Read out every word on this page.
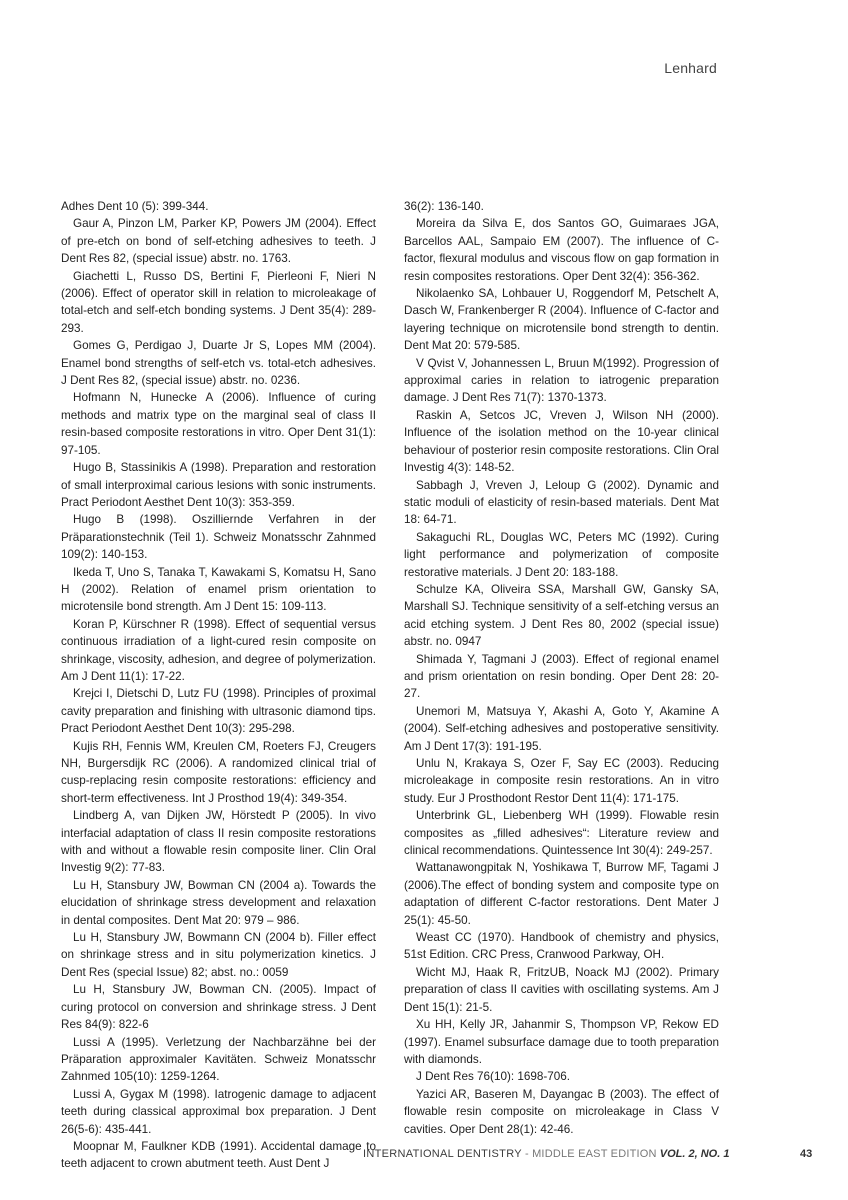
Lenhard

Adhes Dent 10 (5): 399-344.

Gaur A, Pinzon LM, Parker KP, Powers JM (2004). Effect of pre-etch on bond of self-etching adhesives to teeth. J Dent Res 82, (special issue) abstr. no. 1763.

Giachetti L, Russo DS, Bertini F, Pierleoni F, Nieri N (2006). Effect of operator skill in relation to microleakage of total-etch and self-etch bonding systems. J Dent 35(4): 289-293.

Gomes G, Perdigao J, Duarte Jr S, Lopes MM (2004). Enamel bond strengths of self-etch vs. total-etch adhesives. J Dent Res 82, (special issue) abstr. no. 0236.

Hofmann N, Hunecke A (2006). Influence of curing methods and matrix type on the marginal seal of class II resin-based composite restorations in vitro. Oper Dent 31(1): 97-105.

Hugo B, Stassinikis A (1998). Preparation and restoration of small interproximal carious lesions with sonic instruments. Pract Periodont Aesthet Dent 10(3): 353-359.

Hugo B (1998). Oszilliernde Verfahren in der Präparationstechnik (Teil 1). Schweiz Monatsschr Zahnmed 109(2): 140-153.

Ikeda T, Uno S, Tanaka T, Kawakami S, Komatsu H, Sano H (2002). Relation of enamel prism orientation to microtensile bond strength. Am J Dent 15: 109-113.

Koran P, Kürschner R (1998). Effect of sequential versus continuous irradiation of a light-cured resin composite on shrinkage, viscosity, adhesion, and degree of polymerization. Am J Dent 11(1): 17-22.

Krejci I, Dietschi D, Lutz FU (1998). Principles of proximal cavity preparation and finishing with ultrasonic diamond tips. Pract Periodont Aesthet Dent 10(3): 295-298.

Kujis RH, Fennis WM, Kreulen CM, Roeters FJ, Creugers NH, Burgersdijk RC (2006). A randomized clinical trial of cusp-replacing resin composite restorations: efficiency and short-term effectiveness. Int J Prosthod 19(4): 349-354.

Lindberg A, van Dijken JW, Hörstedt P (2005). In vivo interfacial adaptation of class II resin composite restorations with and without a flowable resin composite liner. Clin Oral Investig 9(2): 77-83.

Lu H, Stansbury JW, Bowman CN (2004 a). Towards the elucidation of shrinkage stress development and relaxation in dental composites. Dent Mat 20: 979 – 986.

Lu H, Stansbury JW, Bowmann CN (2004 b). Filler effect on shrinkage stress and in situ polymerization kinetics. J Dent Res (special Issue) 82; abst. no.: 0059

Lu H, Stansbury JW, Bowman CN. (2005). Impact of curing protocol on conversion and shrinkage stress. J Dent Res 84(9): 822-6

Lussi A (1995). Verletzung der Nachbarzähne bei der Präparation approximaler Kavitäten. Schweiz Monatsschr Zahnmed 105(10): 1259-1264.

Lussi A, Gygax M (1998). Iatrogenic damage to adjacent teeth during classical approximal box preparation. J Dent 26(5-6): 435-441.

Moopnar M, Faulkner KDB (1991). Accidental damage to teeth adjacent to crown abutment teeth. Aust Dent J

36(2): 136-140.

Moreira da Silva E, dos Santos GO, Guimaraes JGA, Barcellos AAL, Sampaio EM (2007). The influence of C-factor, flexural modulus and viscous flow on gap formation in resin composites restorations. Oper Dent 32(4): 356-362.

Nikolaenko SA, Lohbauer U, Roggendorf M, Petschelt A, Dasch W, Frankenberger R (2004). Influence of C-factor and layering technique on microtensile bond strength to dentin. Dent Mat 20: 579-585.

V Qvist V, Johannessen L, Bruun M(1992). Progression of approximal caries in relation to iatrogenic preparation damage. J Dent Res 71(7): 1370-1373.

Raskin A, Setcos JC, Vreven J, Wilson NH (2000). Influence of the isolation method on the 10-year clinical behaviour of posterior resin composite restorations. Clin Oral Investig 4(3): 148-52.

Sabbagh J, Vreven J, Leloup G (2002). Dynamic and static moduli of elasticity of resin-based materials. Dent Mat 18: 64-71.

Sakaguchi RL, Douglas WC, Peters MC (1992). Curing light performance and polymerization of composite restorative materials. J Dent 20: 183-188.

Schulze KA, Oliveira SSA, Marshall GW, Gansky SA, Marshall SJ. Technique sensitivity of a self-etching versus an acid etching system. J Dent Res 80, 2002 (special issue) abstr. no. 0947

Shimada Y, Tagmani J (2003). Effect of regional enamel and prism orientation on resin bonding. Oper Dent 28: 20-27.

Unemori M, Matsuya Y, Akashi A, Goto Y, Akamine A (2004). Self-etching adhesives and postoperative sensitivity. Am J Dent 17(3): 191-195.

Unlu N, Krakaya S, Ozer F, Say EC (2003). Reducing microleakage in composite resin restorations. An in vitro study. Eur J Prosthodont Restor Dent 11(4): 171-175.

Unterbrink GL, Liebenberg WH (1999). Flowable resin composites as „filled adhesives“: Literature review and clinical recommendations. Quintessence Int 30(4): 249-257.

Wattanawongpitak N, Yoshikawa T, Burrow MF, Tagami J (2006).The effect of bonding system and composite type on adaptation of different C-factor restorations. Dent Mater J 25(1): 45-50.

Weast CC (1970). Handbook of chemistry and physics, 51st Edition. CRC Press, Cranwood Parkway, OH.

Wicht MJ, Haak R, FritzUB, Noack MJ (2002). Primary preparation of class II cavities with oscillating systems. Am J Dent 15(1): 21-5.

Xu HH, Kelly JR, Jahanmir S, Thompson VP, Rekow ED (1997). Enamel subsurface damage due to tooth preparation with diamonds.

J Dent Res 76(10): 1698-706.

Yazici AR, Baseren M, Dayangac B (2003). The effect of flowable resin composite on microleakage in Class V cavities. Oper Dent 28(1): 42-46.

INTERNATIONAL DENTISTRY - MIDDLE EAST EDITION VOL. 2, NO. 1	43
